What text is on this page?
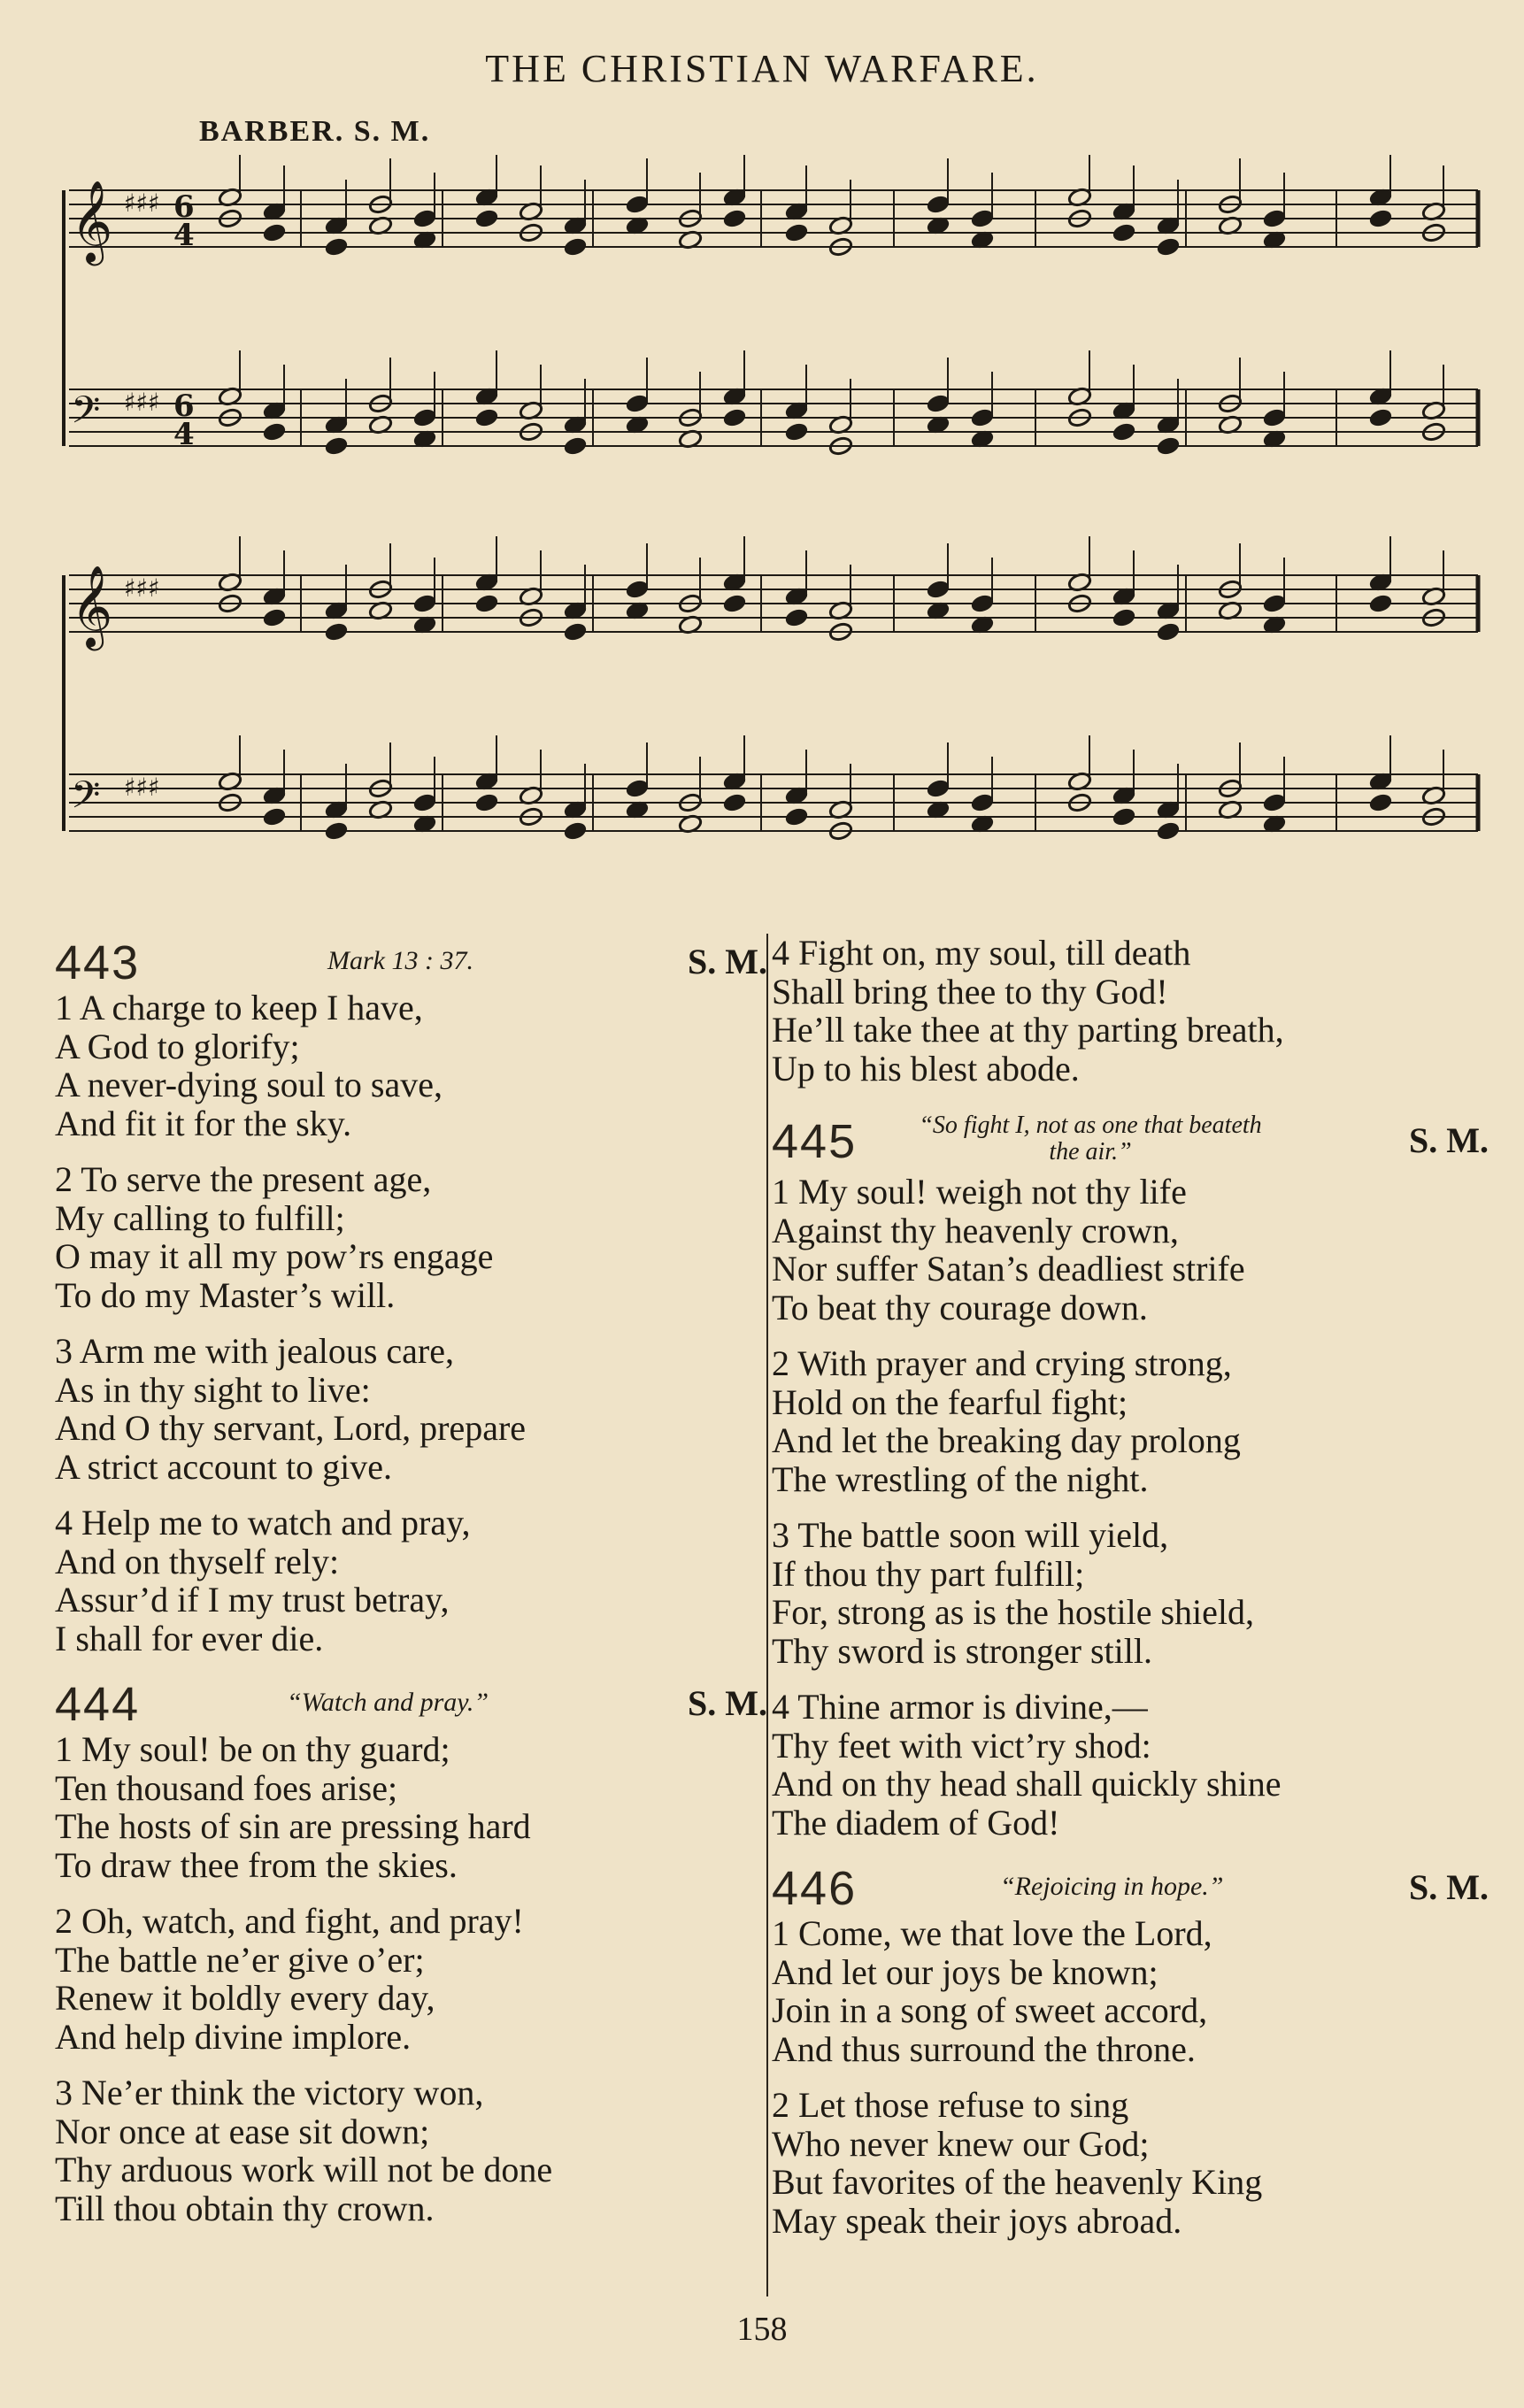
THE CHRISTIAN WARFARE.
BARBER. S. M.
𝄞 ♯♯♯ 6
4
𝄢 ♯♯♯ 6
4
𝄞 ♯♯♯
𝄢 ♯♯♯
443	Mark 13 : 37.	S. M.
1 A charge to keep I have,
A God to glorify;
A never-dying soul to save,
And fit it for the sky.
2 To serve the present age,
My calling to fulfill;
O may it all my pow’rs engage
To do my Master’s will.
3 Arm me with jealous care,
As in thy sight to live:
And O thy servant, Lord, prepare
A strict account to give.
4 Help me to watch and pray,
And on thyself rely:
Assur’d if I my trust betray,
I shall for ever die.
444	“Watch and pray.”	S. M.
1 My soul! be on thy guard;
Ten thousand foes arise;
The hosts of sin are pressing hard
To draw thee from the skies.
2 Oh, watch, and fight, and pray!
The battle ne’er give o’er;
Renew it boldly every day,
And help divine implore.
3 Ne’er think the victory won,
Nor once at ease sit down;
Thy arduous work will not be done
Till thou obtain thy crown.
4 Fight on, my soul, till death
Shall bring thee to thy God!
He’ll take thee at thy parting breath,
Up to his blest abode.
445	“So fight I, not as one that beateth the air.”	S. M.
1 My soul! weigh not thy life
Against thy heavenly crown,
Nor suffer Satan’s deadliest strife
To beat thy courage down.
2 With prayer and crying strong,
Hold on the fearful fight;
And let the breaking day prolong
The wrestling of the night.
3 The battle soon will yield,
If thou thy part fulfill;
For, strong as is the hostile shield,
Thy sword is stronger still.
4 Thine armor is divine,—
Thy feet with vict’ry shod:
And on thy head shall quickly shine
The diadem of God!
446	“Rejoicing in hope.”	S. M.
1 Come, we that love the Lord,
And let our joys be known;
Join in a song of sweet accord,
And thus surround the throne.
2 Let those refuse to sing
Who never knew our God;
But favorites of the heavenly King
May speak their joys abroad.
158
